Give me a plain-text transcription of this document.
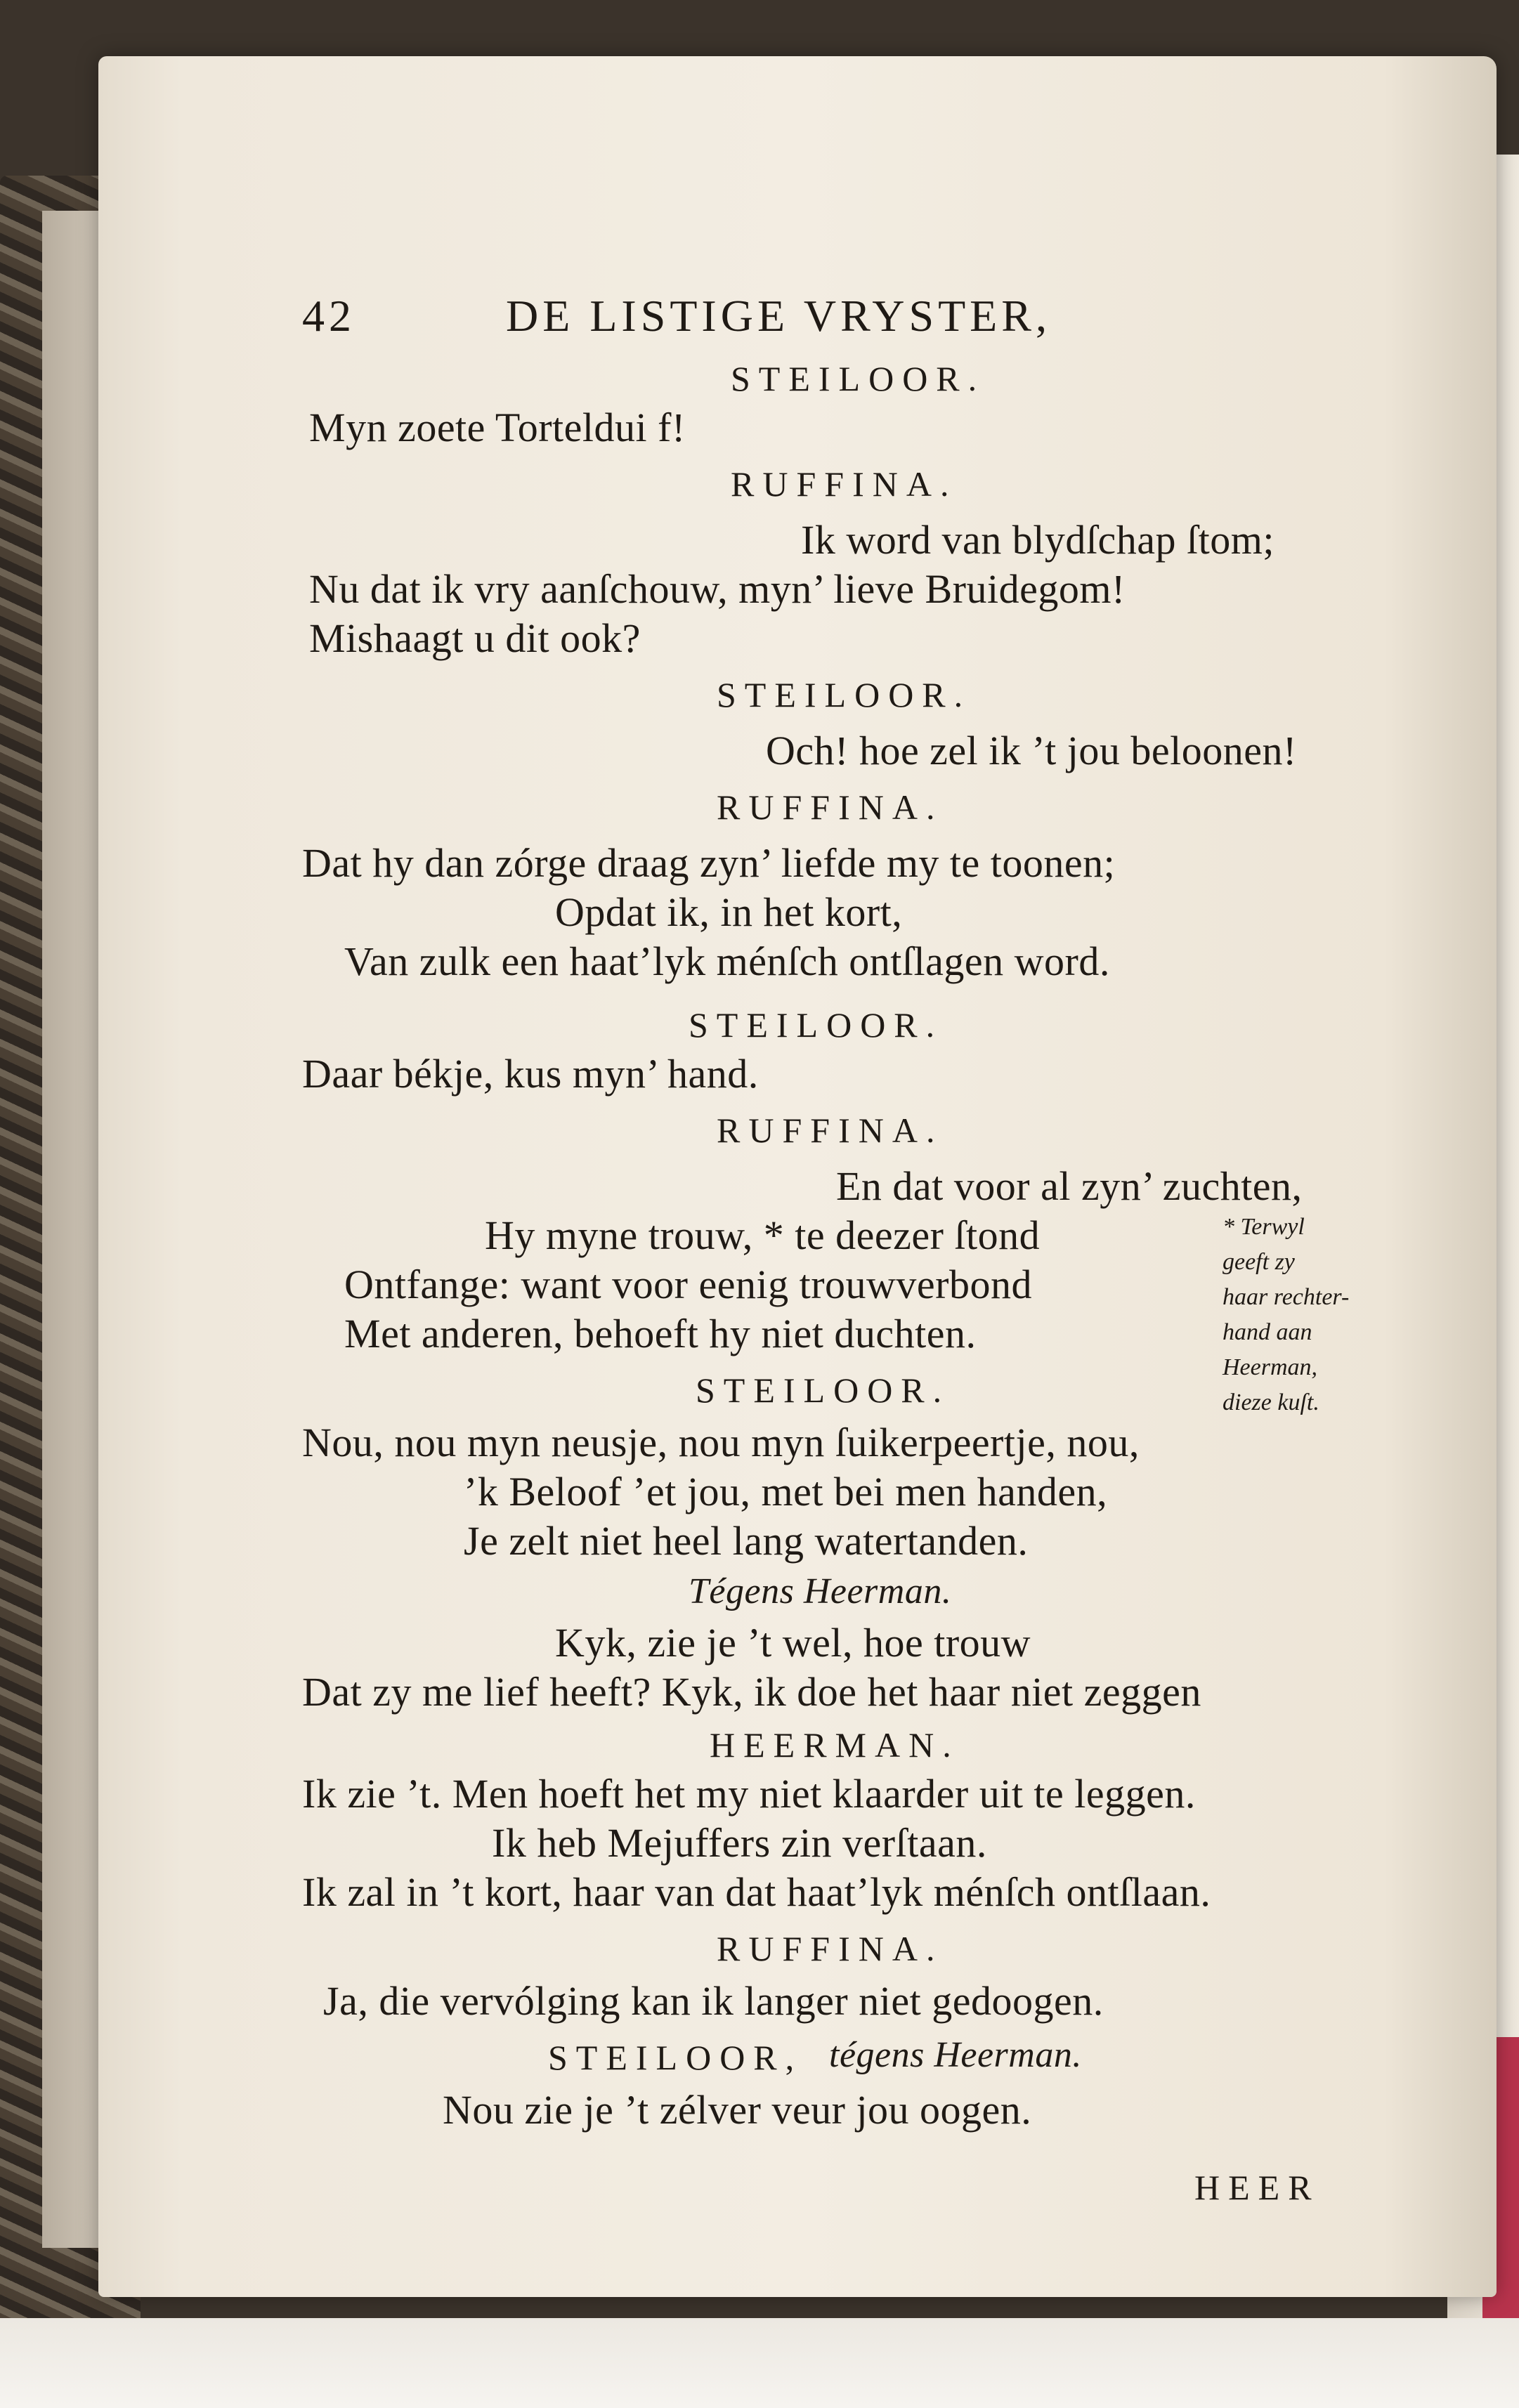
42	DE LISTIGE VRYSTER,
STEILOOR.
Myn zoete Torteldui f!
RUFFINA.
Ik word van blydſchap ſtom;
Nu dat ik vry aanſchouw, myn’ lieve Bruidegom!
Mishaagt u dit ook?
STEILOOR.
Och! hoe zel ik ’t jou beloonen!
RUFFINA.
Dat hy dan zórge draag zyn’ liefde my te toonen;
Opdat ik, in het kort,
Van zulk een haat’lyk ménſch ontſlagen word.
STEILOOR.
Daar békje, kus myn’ hand.
RUFFINA.
En dat voor al zyn’ zuchten,
Hy myne trouw, * te deezer ſtond
Ontfange: want voor eenig trouwverbond
Met anderen, behoeft hy niet duchten.
STEILOOR.
Nou, nou myn neusje, nou myn ſuikerpeertje, nou,
’k Beloof ’et jou, met bei men handen,
Je zelt niet heel lang watertanden.
Tégens Heerman.
Kyk, zie je ’t wel, hoe trouw
Dat zy me lief heeft? Kyk, ik doe het haar niet zeggen
HEERMAN.
Ik zie ’t. Men hoeft het my niet klaarder uit te leggen.
Ik heb Mejuffers zin verſtaan.
Ik zal in ’t kort, haar van dat haat’lyk ménſch ontſlaan.
RUFFINA.
Ja, die vervólging kan ik langer niet gedoogen.
STEILOOR, tégens Heerman.
Nou zie je ’t zélver veur jou oogen.
HEER
* Terwyl
geeft zy
haar rechter-
hand aan
Heerman,
dieze kuſt.
